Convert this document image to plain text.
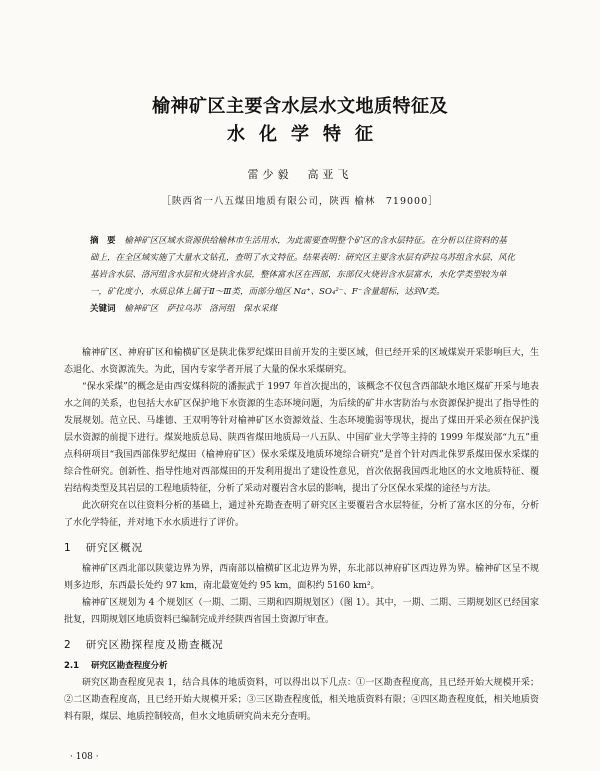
榆神矿区主要含水层水文地质特征及
水化学特征
雷少毅　高亚飞
［陕西省一八五煤田地质有限公司，陕西 榆林　719000］

摘　要 榆神矿区区域水资源供给榆林市生活用水，为此需要查明整个矿区的含水层特征。在分析以往资料的基础上，在全区域实施了大量水文钻孔，查明了水文特征。结果表明：研究区主要含水层有萨拉乌苏组含水层、风化基岩含水层、洛河组含水层和火烧岩含水层，整体富水区在西部，东部仅火烧岩含水层富水，水化学类型较为单一，矿化度小，水质总体上属于Ⅱ～Ⅲ类，而部分地区 Na⁺、SO₄²⁻、F⁻含量超标，达到Ⅴ类。

关键词 榆神矿区　萨拉乌苏　洛河组　保水采煤

榆神矿区、神府矿区和榆横矿区是陕北侏罗纪煤田目前开发的主要区域，但已经开采的区域煤炭开采影响巨大，生态退化、水资源流失。为此，国内专家学者开展了大量的保水采煤研究。

“保水采煤”的概念是由西安煤科院的潘振武于 1997 年首次提出的，该概念不仅包含西部缺水地区煤矿开采与地表水之间的关系，也包括大水矿区保护地下水资源的生态环境问题，为后续的矿井水害防治与水资源保护提出了指导性的发展规划。范立民、马雄德、王双明等针对榆神矿区水资源效益、生态环境脆弱等现状，提出了煤田开采必须在保护浅层水资源的前提下进行。煤炭地质总局、陕西省煤田地质局一八五队、中国矿业大学等主持的 1999 年煤炭部“九五”重点科研项目“我国西部侏罗纪煤田（榆神府矿区）保水采煤及地质环境综合研究”是首个针对西北侏罗系煤田保水采煤的综合性研究。创新性、指导性地对西部煤田的开发利用提出了建设性意见，首次依据我国西北地区的水文地质特征、覆岩结构类型及其岩层的工程地质特征，分析了采动对覆岩含水层的影响，提出了分区保水采煤的途径与方法。

此次研究在以往资料分析的基础上，通过补充勘查查明了研究区主要覆岩含水层特征，分析了富水区的分布，分析了水化学特征，并对地下水水质进行了评价。

1 研究区概况

榆神矿区西北部以陕蒙边界为界，西南部以榆横矿区北边界为界，东北部以神府矿区西边界为界。榆神矿区呈不规则多边形，东西最长处约 97 km，南北最宽处约 95 km，面积约 5160 km²。

榆神矿区规划为 4 个规划区（一期、二期、三期和四期规划区）（图 1）。其中，一期、二期、三期规划区已经国家批复，四期规划区地质资料已编制完成并经陕西省国土资源厅审查。

2 研究区勘探程度及勘查概况
2.1 研究区勘查程度分析

研究区勘查程度见表 1，结合具体的地质资料，可以得出以下几点：①一区勘查程度高，且已经开始大规模开采；②二区勘查程度高，且已经开始大规模开采；③三区勘查程度低，相关地质资料有限；④四区勘查程度低，相关地质资料有限，煤层、地质控制较高，但水文地质研究尚未充分查明。

· 108 ·
